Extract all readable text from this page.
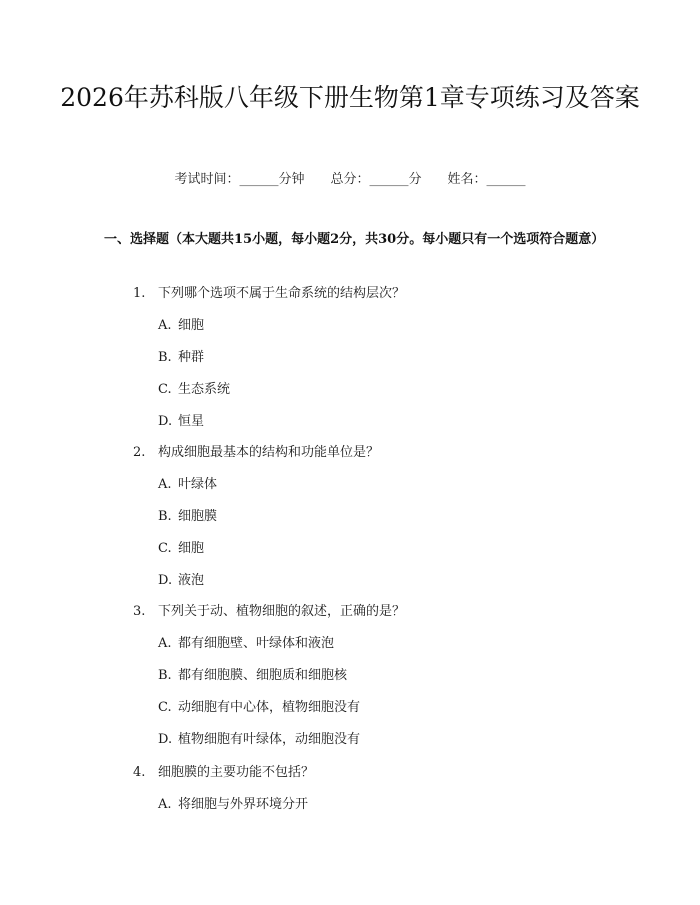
2026年苏科版八年级下册生物第1章专项练习及答案
考试时间：______分钟 总分：______分 姓名：______
一、选择题（本大题共15小题，每小题2分，共30分。每小题只有一个选项符合题意）
1. 下列哪个选项不属于生命系统的结构层次？
A. 细胞
B. 种群
C. 生态系统
D. 恒星
2. 构成细胞最基本的结构和功能单位是？
A. 叶绿体
B. 细胞膜
C. 细胞
D. 液泡
3. 下列关于动、植物细胞的叙述，正确的是？
A. 都有细胞壁、叶绿体和液泡
B. 都有细胞膜、细胞质和细胞核
C. 动细胞有中心体，植物细胞没有
D. 植物细胞有叶绿体，动细胞没有
4. 细胞膜的主要功能不包括？
A. 将细胞与外界环境分开
